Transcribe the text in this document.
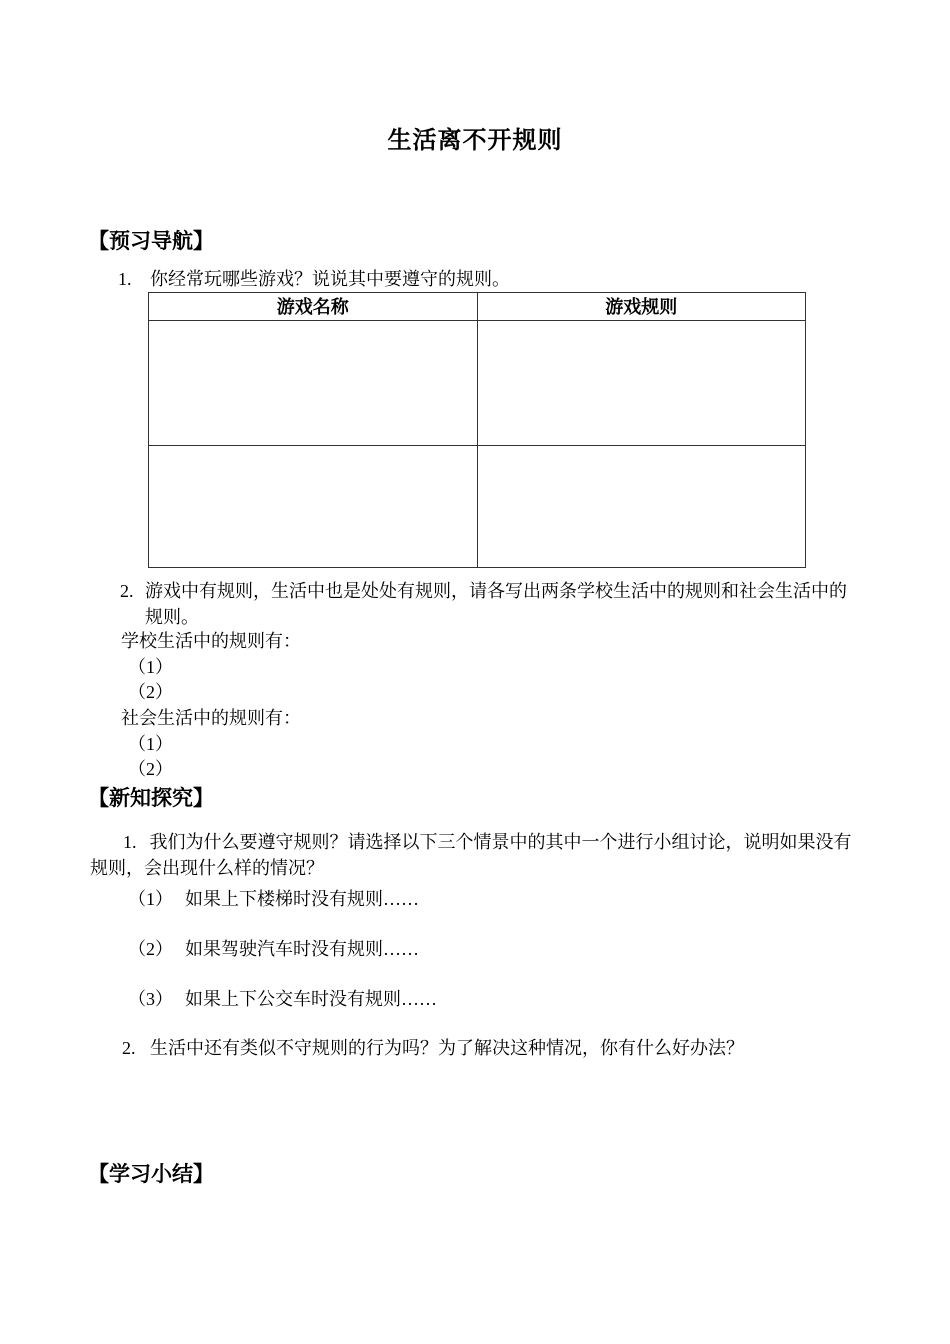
生活离不开规则
【预习导航】
1. 你经常玩哪些游戏？说说其中要遵守的规则。
游戏名称	游戏规则

2. 游戏中有规则，生活中也是处处有规则，请各写出两条学校生活中的规则和社会生活中的规则。
学校生活中的规则有：
（1）
（2）
社会生活中的规则有：
（1）
（2）
【新知探究】
1. 我们为什么要遵守规则？请选择以下三个情景中的其中一个进行小组讨论，说明如果没有规则，会出现什么样的情况？
（1） 如果上下楼梯时没有规则……
（2） 如果驾驶汽车时没有规则……
（3） 如果上下公交车时没有规则……
2. 生活中还有类似不守规则的行为吗？为了解决这种情况，你有什么好办法？
【学习小结】
